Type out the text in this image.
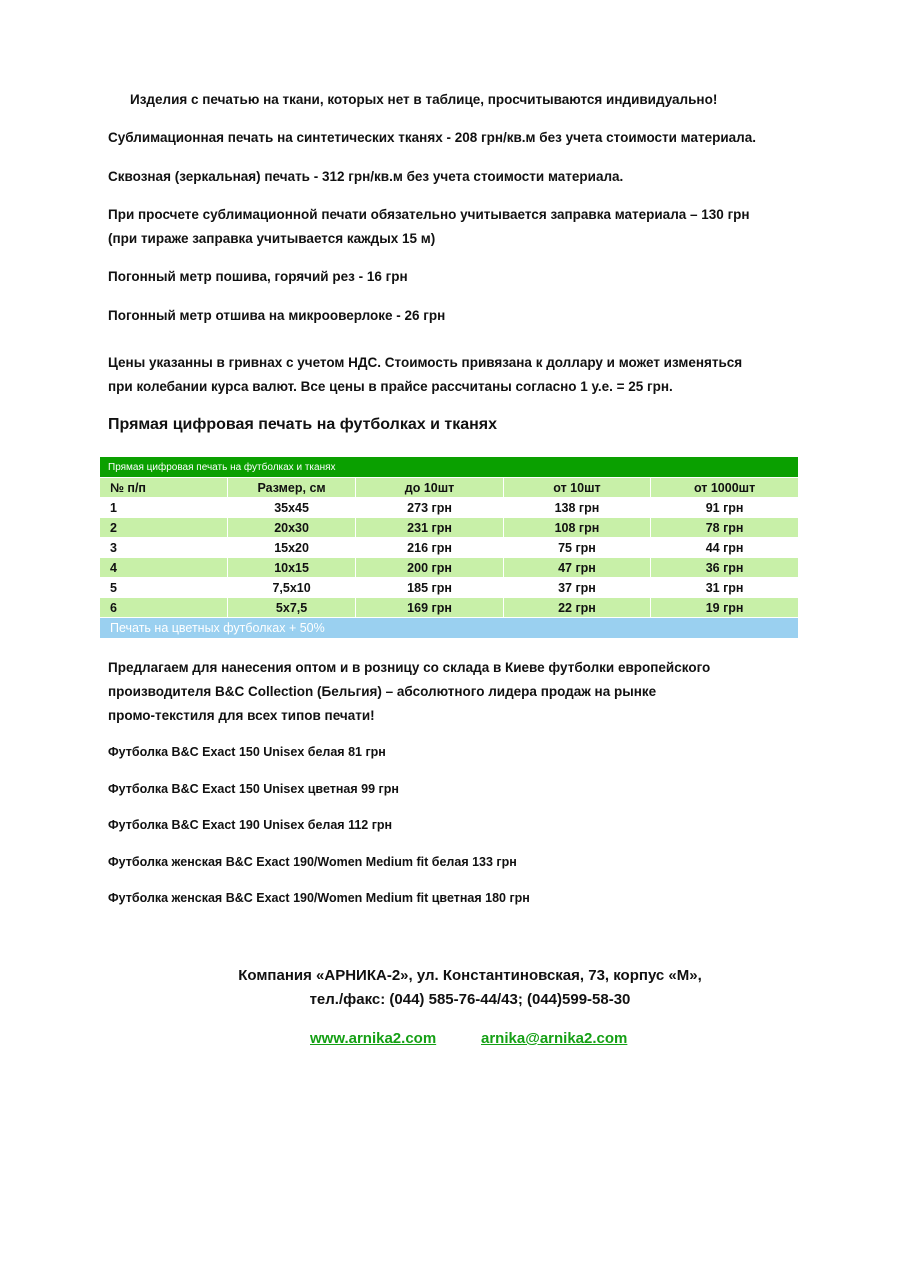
Изделия с печатью на ткани, которых нет в таблице, просчитываются индивидуально!
Сублимационная печать на синтетических тканях - 208 грн/кв.м без учета стоимости материала.
Сквозная (зеркальная) печать - 312 грн/кв.м без учета стоимости материала.
При просчете сублимационной печати обязательно учитывается заправка материала – 130 грн
(при тираже заправка учитывается каждых 15 м)
Погонный метр пошива, горячий рез - 16 грн
Погонный метр отшива на микрооверлоке - 26 грн
Цены указанны в гривнах с учетом НДС. Стоимость привязана к доллару и может изменяться
при колебании курса валют. Все цены в прайсе рассчитаны согласно 1 у.е. = 25 грн.
Прямая цифровая печать на футболках и тканях
Прямая цифровая печать на футболках и тканях				
№ п/п	Размер, см	до 10шт	от 10шт	от 1000шт
1	35x45	273 грн	138 грн	91 грн
2	20x30	231 грн	108 грн	78 грн
3	15x20	216 грн	75 грн	44 грн
4	10x15	200 грн	47 грн	36 грн
5	7,5x10	185 грн	37 грн	31 грн
6	5x7,5	169 грн	22 грн	19 грн
Печать на цветных футболках + 50%				
Предлагаем для нанесения оптом и в розницу со склада в Киеве футболки европейского
производителя B&C Collection (Бельгия) – абсолютного лидера продаж на рынке
промо-текстиля для всех типов печати!
Футболка B&C Exact 150 Unisex белая 81 грн
Футболка B&C Exact 150 Unisex цветная 99 грн
Футболка B&C Exact 190 Unisex белая 112 грн
Футболка женская B&C Exact 190/Women Medium fit белая 133 грн
Футболка женская B&C Exact 190/Women Medium fit цветная 180 грн
Компания «АРНИКА-2», ул. Константиновская, 73, корпус «М»,
тел./факс: (044) 585-76-44/43; (044)599-58-30
www.arnika2.com	arnika@arnika2.com
